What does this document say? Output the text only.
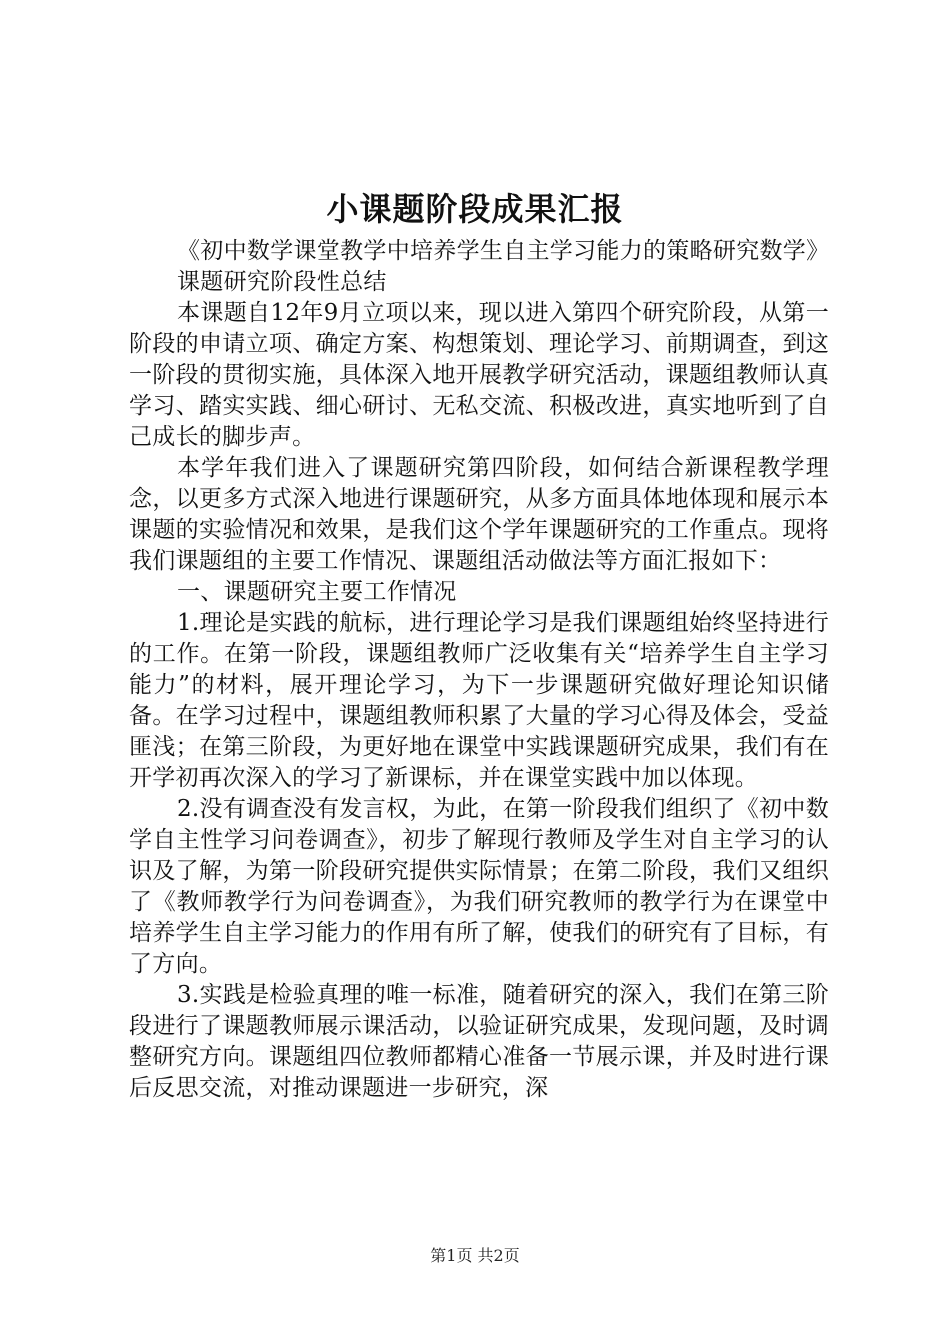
小课题阶段成果汇报

《初中数学课堂教学中培养学生自主学习能力的策略研究数学》

课题研究阶段性总结

本课题自12年9月立项以来，现以进入第四个研究阶段，从第一阶段的申请立项、确定方案、构想策划、理论学习、前期调查，到这一阶段的贯彻实施，具体深入地开展教学研究活动，课题组教师认真学习、踏实实践、细心研讨、无私交流、积极改进，真实地听到了自己成长的脚步声。

本学年我们进入了课题研究第四阶段，如何结合新课程教学理念，以更多方式深入地进行课题研究，从多方面具体地体现和展示本课题的实验情况和效果，是我们这个学年课题研究的工作重点。现将我们课题组的主要工作情况、课题组活动做法等方面汇报如下：

一、课题研究主要工作情况

1.理论是实践的航标，进行理论学习是我们课题组始终坚持进行的工作。在第一阶段，课题组教师广泛收集有关“培养学生自主学习能力”的材料，展开理论学习，为下一步课题研究做好理论知识储备。在学习过程中，课题组教师积累了大量的学习心得及体会，受益匪浅；在第三阶段，为更好地在课堂中实践课题研究成果，我们有在开学初再次深入的学习了新课标，并在课堂实践中加以体现。

2.没有调查没有发言权，为此，在第一阶段我们组织了《初中数学自主性学习问卷调查》，初步了解现行教师及学生对自主学习的认识及了解，为第一阶段研究提供实际情景；在第二阶段，我们又组织了《教师教学行为问卷调查》，为我们研究教师的教学行为在课堂中培养学生自主学习能力的作用有所了解，使我们的研究有了目标，有了方向。

3.实践是检验真理的唯一标准，随着研究的深入，我们在第三阶段进行了课题教师展示课活动，以验证研究成果，发现问题，及时调整研究方向。课题组四位教师都精心准备一节展示课，并及时进行课后反思交流，对推动课题进一步研究，深

第1页 共2页
